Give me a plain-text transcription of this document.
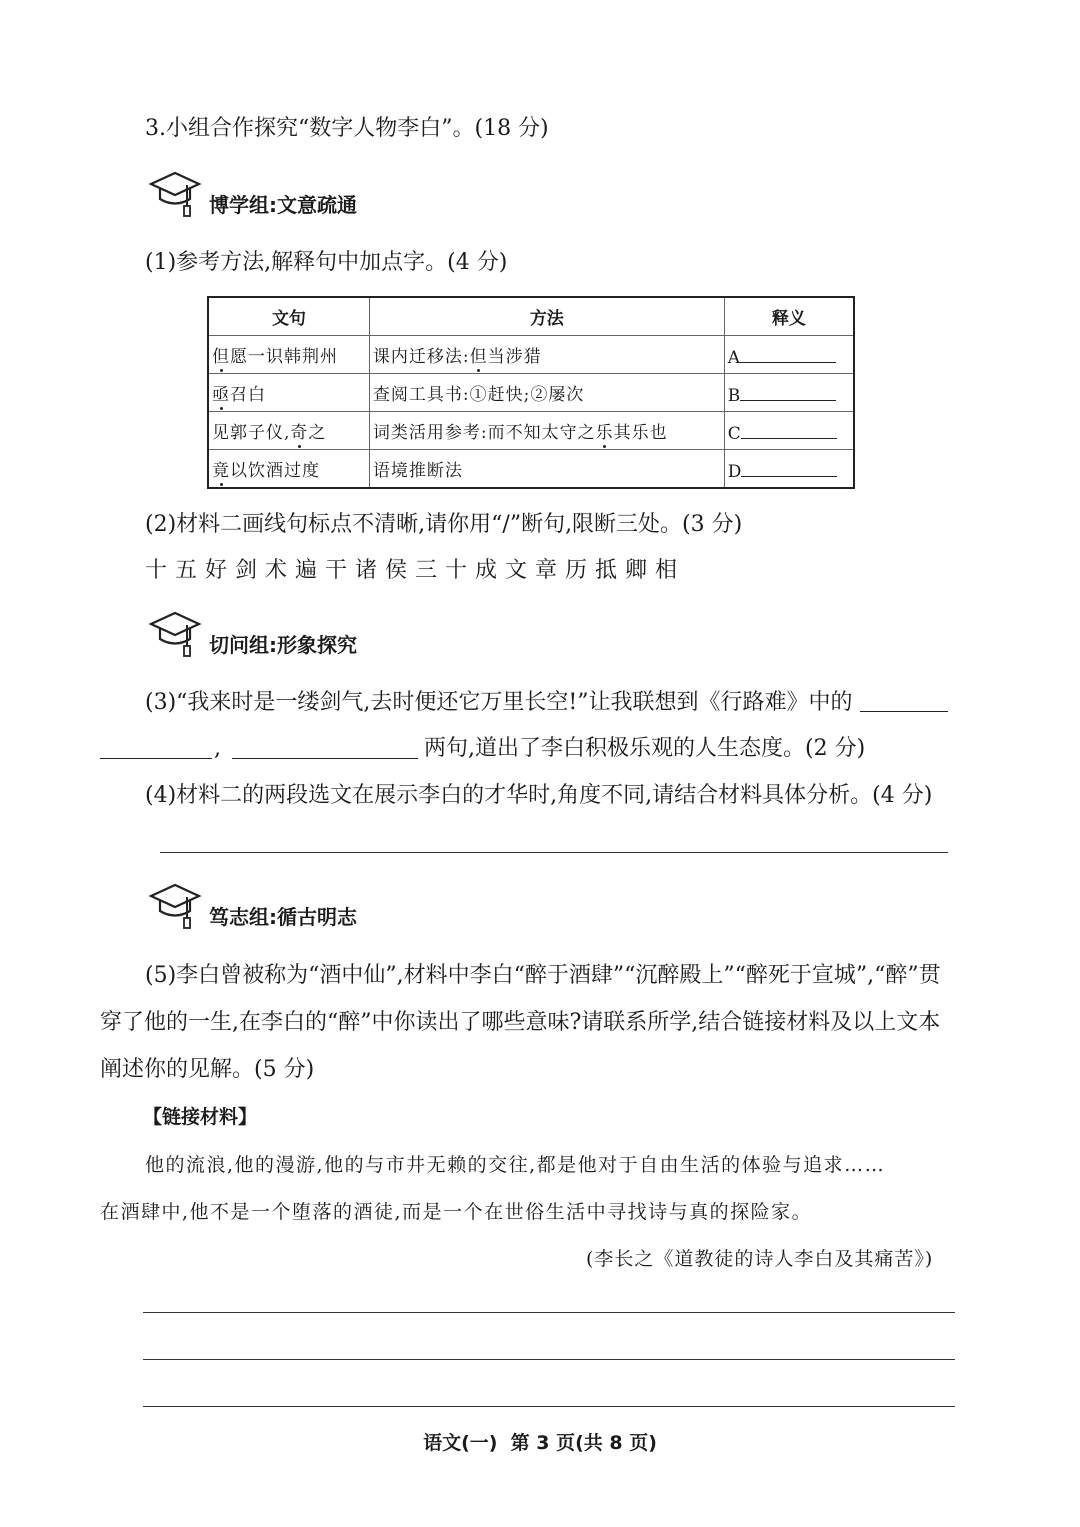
3.小组合作探究“数字人物李白”。(18 分)
博学组:文意疏通
(1)参考方法,解释句中加点字。(4 分)
文句	方法	释义
但愿一识韩荆州	课内迁移法:但当涉猎	A
亟召白	查阅工具书:①赶快;②屡次	B
见郭子仪,奇之	词类活用参考:而不知太守之乐其乐也	C
竟以饮酒过度	语境推断法	D
(2)材料二画线句标点不清晰,请你用“/”断句,限断三处。(3 分)
十五好剑术遍干诸侯三十成文章历抵卿相
切问组:形象探究
(3)“我来时是一缕剑气,去时便还它万里长空!”让我联想到《行路难》中的
,	两句,道出了李白积极乐观的人生态度。(2 分)
(4)材料二的两段选文在展示李白的才华时,角度不同,请结合材料具体分析。(4 分)
笃志组:循古明志
(5)李白曾被称为“酒中仙”,材料中李白“醉于酒肆”“沉醉殿上”“醉死于宣城”,“醉”贯
穿了他的一生,在李白的“醉”中你读出了哪些意味?请联系所学,结合链接材料及以上文本
阐述你的见解。(5 分)
【链接材料】
他的流浪,他的漫游,他的与市井无赖的交往,都是他对于自由生活的体验与追求……
在酒肆中,他不是一个堕落的酒徒,而是一个在世俗生活中寻找诗与真的探险家。
(李长之《道教徒的诗人李白及其痛苦》)
语文(一)  第 3 页(共 8 页)
